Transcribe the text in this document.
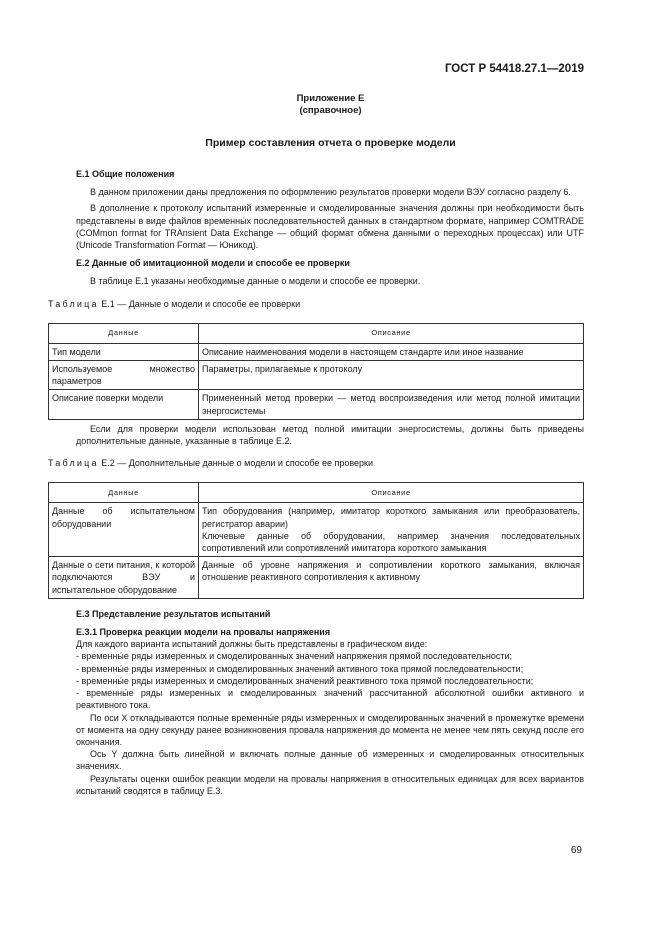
ГОСТ Р 54418.27.1—2019
Приложение Е
(справочное)
Пример составления отчета о проверке модели

Е.1 Общие положения

В данном приложении даны предложения по оформлению результатов проверки модели ВЭУ согласно разделу 6.

В дополнение к протоколу испытаний измеренные и смоделированные значения должны при необходимости быть представлены в виде файлов временны́х последовательностей данных в стандартном формате, например COMTRADE (COMmon format for TRAnsient Data Exchange — общий формат обмена данными о переходных процессах) или UTF (Unicode Transformation Format — Юникод).

Е.2 Данные об имитационной модели и способе ее проверки

В таблице Е.1 указаны необходимые данные о модели и способе ее проверки.

Таблица Е.1 — Данные о модели и способе ее проверки

Данные	Описание
Тип модели	Описание наименования модели в настоящем стандарте или иное название
Используемое множество параметров	Параметры, прилагаемые к протоколу
Описание поверки модели	Примененный метод проверки — метод воспроизведения или метод полной имитации энергосистемы

Если для проверки модели использован метод полной имитации энергосистемы, должны быть приведены дополнительные данные, указанные в таблице Е.2.

Таблица Е.2 — Дополнительные данные о модели и способе ее проверки

Данные	Описание
Данные об испытательном оборудовании	Тип оборудования (например, имитатор короткого замыкания или преобразователь, регистратор аварии)
Ключевые данные об оборудовании, например значения последовательных сопротивлений или сопротивлений имитатора короткого замыкания

Данные о сети питания, к которой подключаются ВЭУ и испытательное оборудование	Данные об уровне напряжения и сопротивлении короткого замыкания, включая отношение реактивного сопротивления к активному

Е.3 Представление результатов испытаний

Е.3.1 Проверка реакции модели на провалы напряжения

Для каждого варианта испытаний должны быть представлены в графическом виде:

- временны́е ряды измеренных и смоделированных значений напряжения прямой последовательности;

- временны́е ряды измеренных и смоделированных значений активного тока прямой последовательности;

- временны́е ряды измеренных и смоделированных значений реактивного тока прямой последовательности;

- временны́е ряды измеренных и смоделированных значений рассчитанной абсолютной ошибки активного и реактивного тока.

По оси X откладываются полные временны́е ряды измеренных и смоделированных значений в промежутке времени от момента на одну секунду ранее возникновения провала напряжения до момента не менее чем пять секунд после его окончания.

Ось Y должна быть линейной и включать полные данные об измеренных и смоделированных относительных значениях.

Результаты оценки ошибок реакции модели на провалы напряжения в относительных единицах для всех вариантов испытаний сводятся в таблицу Е.3.

69
